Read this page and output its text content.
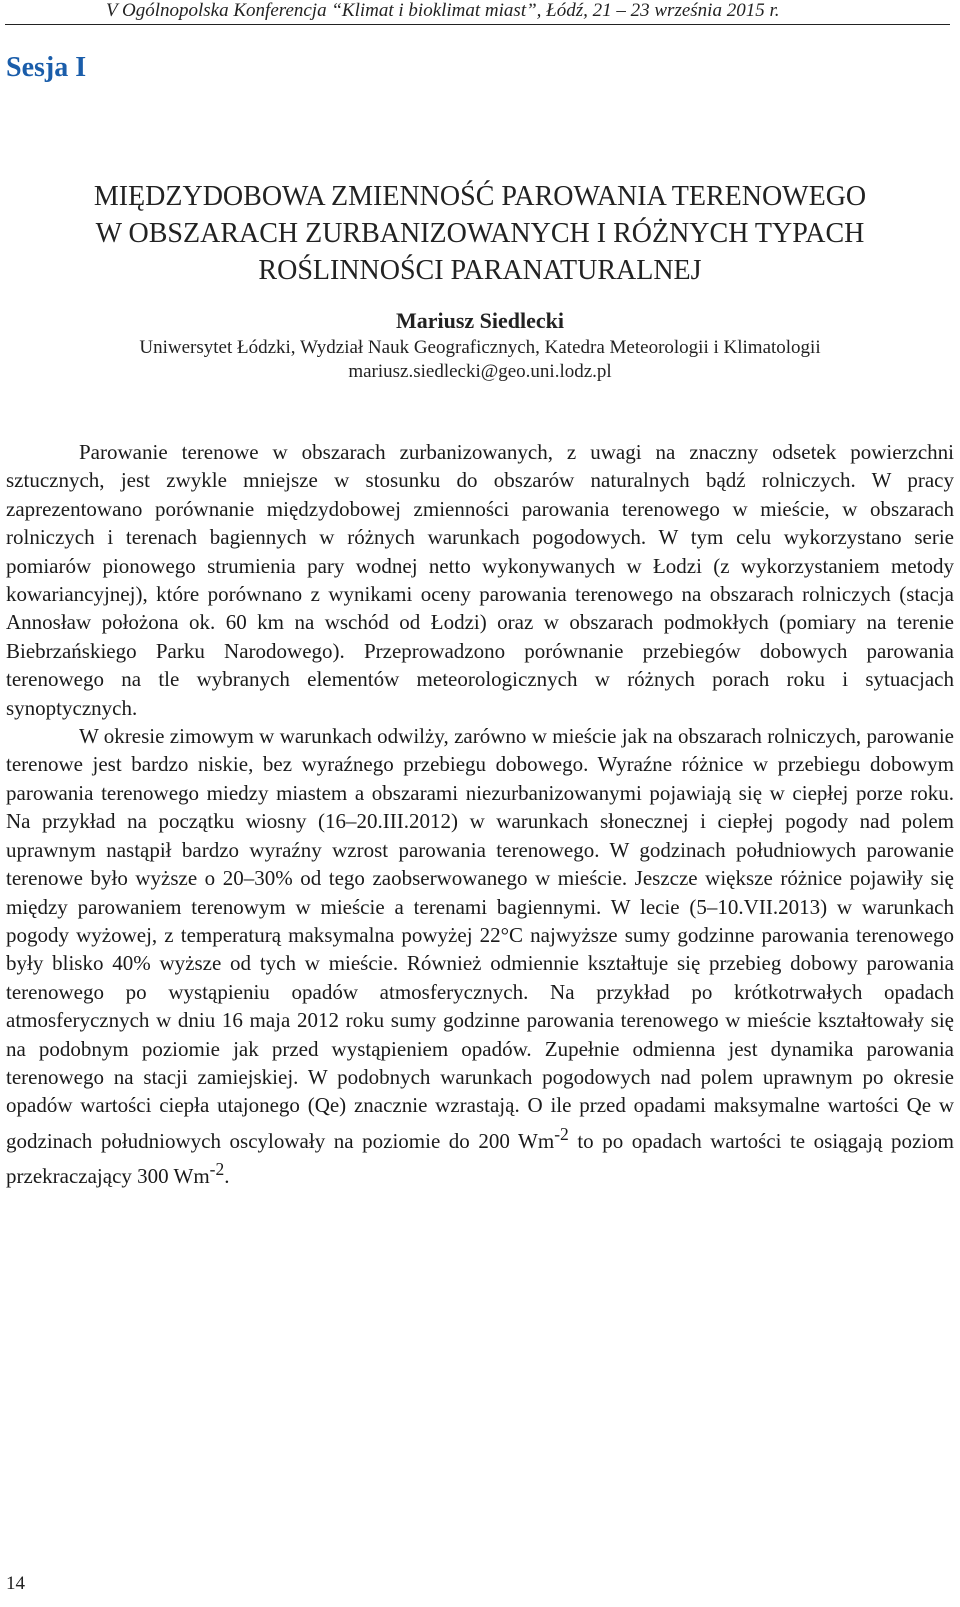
V Ogólnopolska Konferencja “Klimat i bioklimat miast”, Łódź, 21 – 23 września 2015 r.
Sesja I
MIĘDZYDOBOWA ZMIENNOŚĆ PAROWANIA TERENOWEGO
W OBSZARACH ZURBANIZOWANYCH I RÓŻNYCH TYPACH
ROŚLINNOŚCI PARANATURALNEJ
Mariusz Siedlecki
Uniwersytet Łódzki, Wydział Nauk Geograficznych, Katedra Meteorologii i Klimatologii
mariusz.siedlecki@geo.uni.lodz.pl

Parowanie terenowe w obszarach zurbanizowanych, z uwagi na znaczny odsetek powierzchni sztucznych, jest zwykle mniejsze w stosunku do obszarów naturalnych bądź rolniczych. W pracy zaprezentowano porównanie międzydobowej zmienności parowania terenowego w mieście, w obszarach rolniczych i terenach bagiennych w różnych warunkach pogodowych. W tym celu wykorzystano serie pomiarów pionowego strumienia pary wodnej netto wykonywanych w Łodzi (z wykorzystaniem metody kowariancyjnej), które porównano z wynikami oceny parowania terenowego na obszarach rolniczych (stacja Annosław położona ok. 60 km na wschód od Łodzi) oraz w obszarach podmokłych (pomiary na terenie Biebrzańskiego Parku Narodowego). Przeprowadzono porównanie przebiegów dobowych parowania terenowego na tle wybranych elementów meteorologicznych w różnych porach roku i sytuacjach synoptycznych.

W okresie zimowym w warunkach odwilży, zarówno w mieście jak na obszarach rolniczych, parowanie terenowe jest bardzo niskie, bez wyraźnego przebiegu dobowego. Wyraźne różnice w przebiegu dobowym parowania terenowego miedzy miastem a obszarami niezurbanizowanymi pojawiają się w ciepłej porze roku. Na przykład na początku wiosny (16–20.III.2012) w warunkach słonecznej i ciepłej pogody nad polem uprawnym nastąpił bardzo wyraźny wzrost parowania terenowego. W godzinach południowych parowanie terenowe było wyższe o 20–30% od tego zaobserwowanego w mieście. Jeszcze większe różnice pojawiły się między parowaniem terenowym w mieście a terenami bagiennymi. W lecie (5–10.VII.2013) w warunkach pogody wyżowej, z temperaturą maksymalna powyżej 22°C najwyższe sumy godzinne parowania terenowego były blisko 40% wyższe od tych w mieście. Również odmiennie kształtuje się przebieg dobowy parowania terenowego po wystąpieniu opadów atmosferycznych. Na przykład po krótkotrwałych opadach atmosferycznych w dniu 16 maja 2012 roku sumy godzinne parowania terenowego w mieście kształtowały się na podobnym poziomie jak przed wystąpieniem opadów. Zupełnie odmienna jest dynamika parowania terenowego na stacji zamiejskiej. W podobnych warunkach pogodowych nad polem uprawnym po okresie opadów wartości ciepła utajonego (Qe) znacznie wzrastają. O ile przed opadami maksymalne wartości Qe w godzinach południowych oscylowały na poziomie do 200 $Wm^{-2}$ to po opadach wartości te osiągają poziom przekraczający 300 $Wm^{-2}$.

14
